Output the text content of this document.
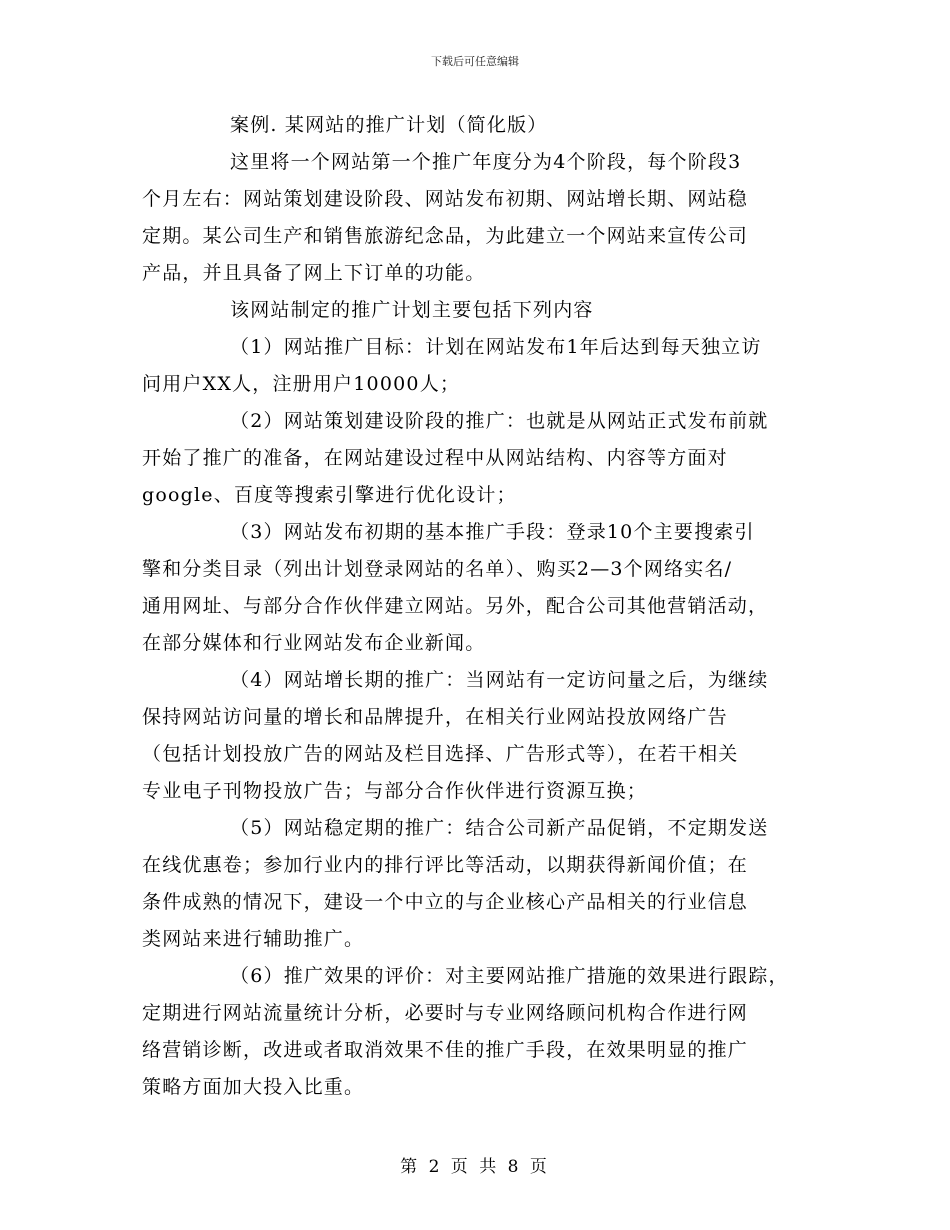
下载后可任意编辑
案例. 某网站的推广计划（简化版）
这里将一个网站第一个推广年度分为4个阶段，每个阶段3
个月左右：网站策划建设阶段、网站发布初期、网站增长期、网站稳
定期。某公司生产和销售旅游纪念品，为此建立一个网站来宣传公司
产品，并且具备了网上下订单的功能。
该网站制定的推广计划主要包括下列内容
（1）网站推广目标：计划在网站发布1年后达到每天独立访
问用户XX人，注册用户10000人；
（2）网站策划建设阶段的推广：也就是从网站正式发布前就
开始了推广的准备，在网站建设过程中从网站结构、内容等方面对
google、百度等搜索引擎进行优化设计；
（3）网站发布初期的基本推广手段：登录10个主要搜索引
擎和分类目录（列出计划登录网站的名单）、购买2—3个网络实名/
通用网址、与部分合作伙伴建立网站。另外，配合公司其他营销活动，
在部分媒体和行业网站发布企业新闻。
（4）网站增长期的推广：当网站有一定访问量之后，为继续
保持网站访问量的增长和品牌提升，在相关行业网站投放网络广告
（包括计划投放广告的网站及栏目选择、广告形式等），在若干相关
专业电子刊物投放广告；与部分合作伙伴进行资源互换；
（5）网站稳定期的推广：结合公司新产品促销，不定期发送
在线优惠卷；参加行业内的排行评比等活动，以期获得新闻价值；在
条件成熟的情况下，建设一个中立的与企业核心产品相关的行业信息
类网站来进行辅助推广。
（6）推广效果的评价：对主要网站推广措施的效果进行跟踪，
定期进行网站流量统计分析，必要时与专业网络顾问机构合作进行网
络营销诊断，改进或者取消效果不佳的推广手段，在效果明显的推广
策略方面加大投入比重。
第 2 页 共 8 页
